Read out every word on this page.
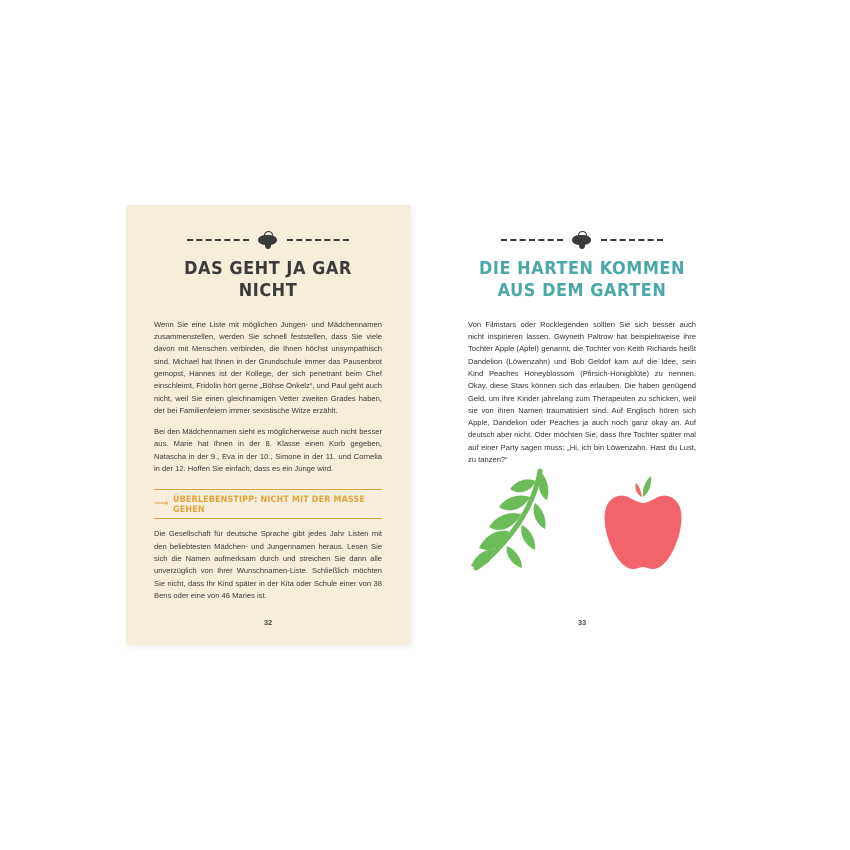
DAS GEHT JA GAR NICHT

Wenn Sie eine Liste mit möglichen Jungen- und Mädchennamen zusammenstellen, werden Sie schnell feststellen, dass Sie viele davon mit Menschen verbinden, die Ihnen höchst unsympathisch sind. Michael hat Ihnen in der Grundschule immer das Pausenbrot gemopst, Hannes ist der Kollege, der sich penetrant beim Chef einschleimt, Fridolin hört gerne „Böhse Onkelz“, und Paul geht auch nicht, weil Sie einen gleichnamigen Vetter zweiten Grades haben, der bei Familienfeiern immer sexistische Witze erzählt.

Bei den Mädchennamen sieht es möglicherweise auch nicht besser aus. Marie hat Ihnen in der 8. Klasse einen Korb gegeben, Natascha in der 9., Eva in der 10., Simone in der 11. und Cornelia in der 12. Hoffen Sie einfach, dass es ein Junge wird.

⟶ ÜBERLEBENSTIPP: NICHT MIT DER MASSE GEHEN

Die Gesellschaft für deutsche Sprache gibt jedes Jahr Listen mit den beliebtesten Mädchen- und Jungennamen heraus. Lesen Sie sich die Namen aufmerksam durch und streichen Sie dann alle unverzüglich von Ihrer Wunschnamen-Liste. Schließlich möchten Sie nicht, dass Ihr Kind später in der Kita oder Schule einer von 38 Bens oder eine von 46 Maries ist.

32
DIE HARTEN KOMMEN AUS DEM GARTEN

Von Filmstars oder Rocklegenden sollten Sie sich besser auch nicht inspirieren lassen. Gwyneth Paltrow hat beispielsweise ihre Tochter Apple (Apfel) genannt, die Tochter von Keith Richards heißt Dandelion (Löwenzahn) und Bob Geldof kam auf die Idee, sein Kind Peaches Honeyblossom (Pfirsich-Honigblüte) zu nennen. Okay, diese Stars können sich das erlauben. Die haben genügend Geld, um ihre Kinder jahrelang zum Therapeuten zu schicken, weil sie von ihren Namen traumatisiert sind. Auf Englisch hören sich Apple, Dandelion oder Peaches ja auch noch ganz okay an. Auf deutsch aber nicht. Oder möchten Sie, dass Ihre Tochter später mal auf einer Party sagen muss: „Hi, ich bin Löwenzahn. Hast du Lust, zu tanzen?“

33
